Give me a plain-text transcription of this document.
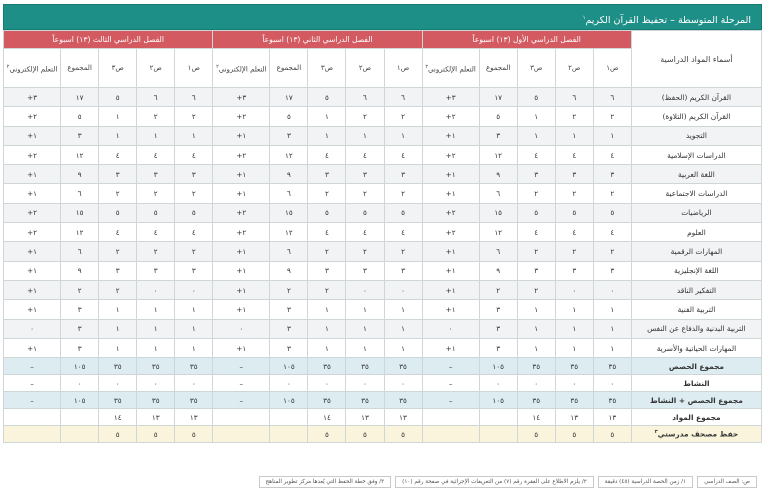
المرحلة المتوسطة – تحفيظ القرآن الكريم$^١$
أسماء المواد الدراسية	الفصل الدراسي الأول (١٣) اسبوعاً					الفصل الدراسي الثاني (١٣) اسبوعاً					الفصل الدراسي الثالث (١٣) اسبوعاً				
	ص١	ص٢	ص٣	المجموع	التعلم الإلكتروني$^٢$	ص١	ص٢	ص٣	المجموع	التعلم الإلكتروني$^٢$	ص١	ص٢	ص٣	المجموع	التعلم الإلكتروني$^٢$
القرآن الكريم (الحفظ)	٦	٦	٥	١٧	٣+	٦	٦	٥	١٧	٣+	٦	٦	٥	١٧	٣+
القرآن الكريم (التلاوة)	٢	٢	١	٥	٢+	٢	٢	١	٥	٢+	٢	٢	١	٥	٢+
التجويد	١	١	١	٣	١+	١	١	١	٣	١+	١	١	١	٣	١+
الدراسات الإسلامية	٤	٤	٤	١٢	٢+	٤	٤	٤	١٢	٢+	٤	٤	٤	١٢	٢+
اللغة العربية	٣	٣	٣	٩	١+	٣	٣	٣	٩	١+	٣	٣	٣	٩	١+
الدراسات الاجتماعية	٢	٢	٢	٦	١+	٢	٢	٢	٦	١+	٢	٢	٢	٦	١+
الرياضيات	٥	٥	٥	١٥	٢+	٥	٥	٥	١٥	٢+	٥	٥	٥	١٥	٢+
العلوم	٤	٤	٤	١٢	٢+	٤	٤	٤	١٢	٢+	٤	٤	٤	١٢	٢+
المهارات الرقمية	٢	٢	٢	٦	١+	٢	٢	٢	٦	١+	٢	٢	٢	٦	١+
اللغة الإنجليزية	٣	٣	٣	٩	١+	٣	٣	٣	٩	١+	٣	٣	٣	٩	١+
التفكير الناقد	٠	٠	٢	٢	١+	٠	٠	٢	٢	١+	٠	٠	٢	٢	١+
التربية الفنية	١	١	١	٣	١+	١	١	١	٣	١+	١	١	١	٣	١+
التربية البدنية والدفاع عن النفس	١	١	١	٣	٠	١	١	١	٣	٠	١	١	١	٣	٠
المهارات الحياتية والأسرية	١	١	١	٣	١+	١	١	١	٣	١+	١	١	١	٣	١+
مجموع الحصص	٣٥	٣٥	٣٥	١٠٥	–	٣٥	٣٥	٣٥	١٠٥	–	٣٥	٣٥	٣٥	١٠٥	–
النشاط	٠	٠	٠	٠	–	٠	٠	٠	٠	–	٠	٠	٠	٠	–
مجموع الحصص + النشاط	٣٥	٣٥	٣٥	١٠٥	–	٣٥	٣٥	٣٥	١٠٥	–	٣٥	٣٥	٣٥	١٠٥	–
مجموع المواد	١٣	١٣	١٤			١٣	١٣	١٤			١٣	١٣	١٤		
حفظ مصحف مدرستي$^٣$	٥	٥	٥			٥	٥	٥			٥	٥	٥		
ص: الصف الدراسي
١/ زمن الحصة الدراسية (٤٥) دقيقة
٢/ يلزم الاطلاع على الفقرة رقم (٧) من التعريفات الإجرائية في صفحة رقم (١٠)
٣/ وفق خطة الحفظ التي يُعدها مركز تطوير المناهج
